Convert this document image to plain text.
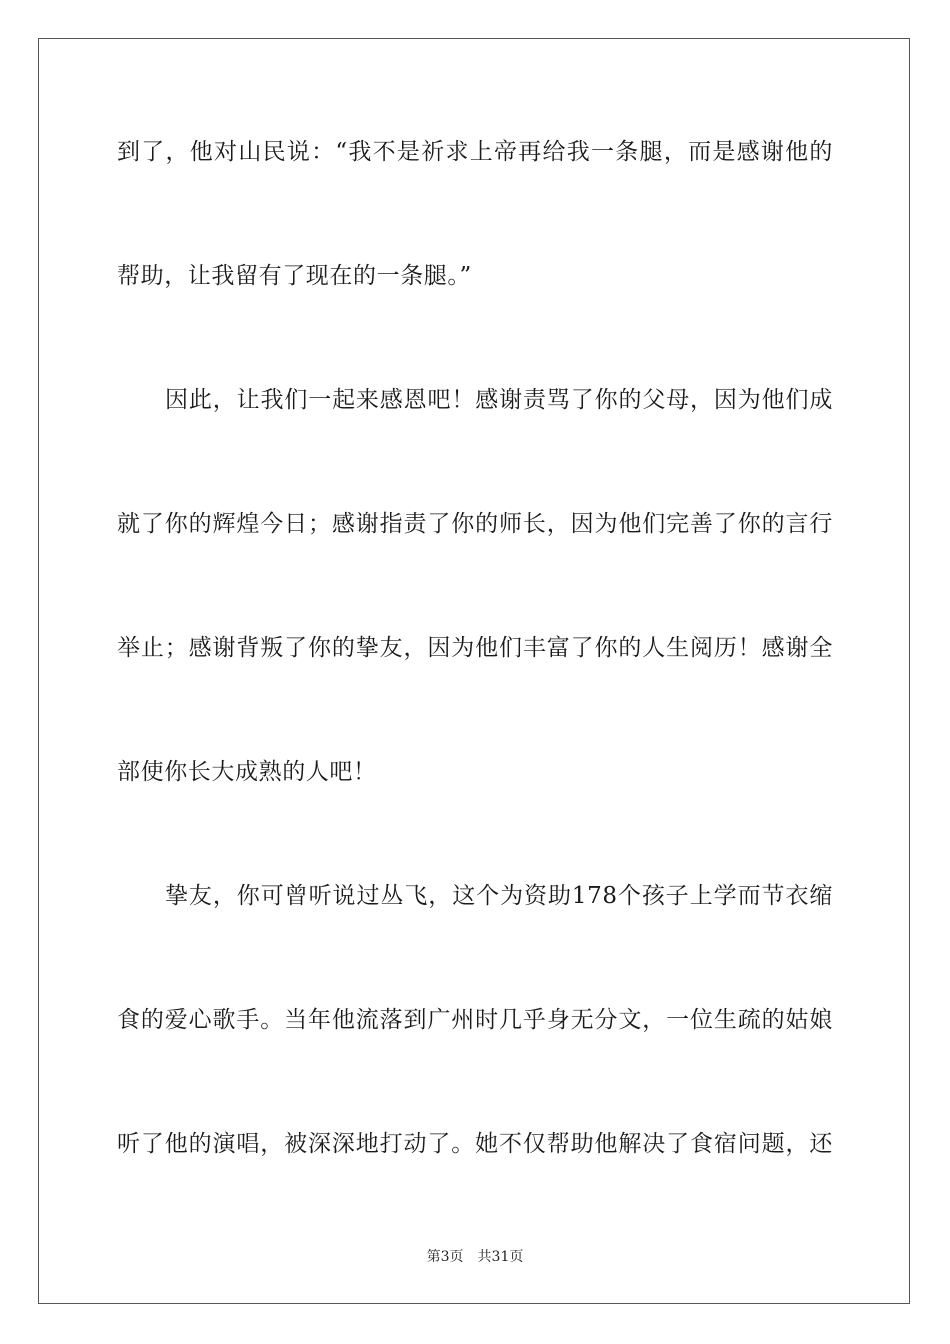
到了，他对山民说：“我不是祈求上帝再给我一条腿，而是感谢他的
帮助，让我留有了现在的一条腿。”
因此，让我们一起来感恩吧！感谢责骂了你的父母，因为他们成
就了你的辉煌今日；感谢指责了你的师长，因为他们完善了你的言行
举止；感谢背叛了你的挚友，因为他们丰富了你的人生阅历！感谢全
部使你长大成熟的人吧！
挚友，你可曾听说过丛飞，这个为资助178个孩子上学而节衣缩
食的爱心歌手。当年他流落到广州时几乎身无分文，一位生疏的姑娘
听了他的演唱，被深深地打动了。她不仅帮助他解决了食宿问题，还
第3页 共31页
